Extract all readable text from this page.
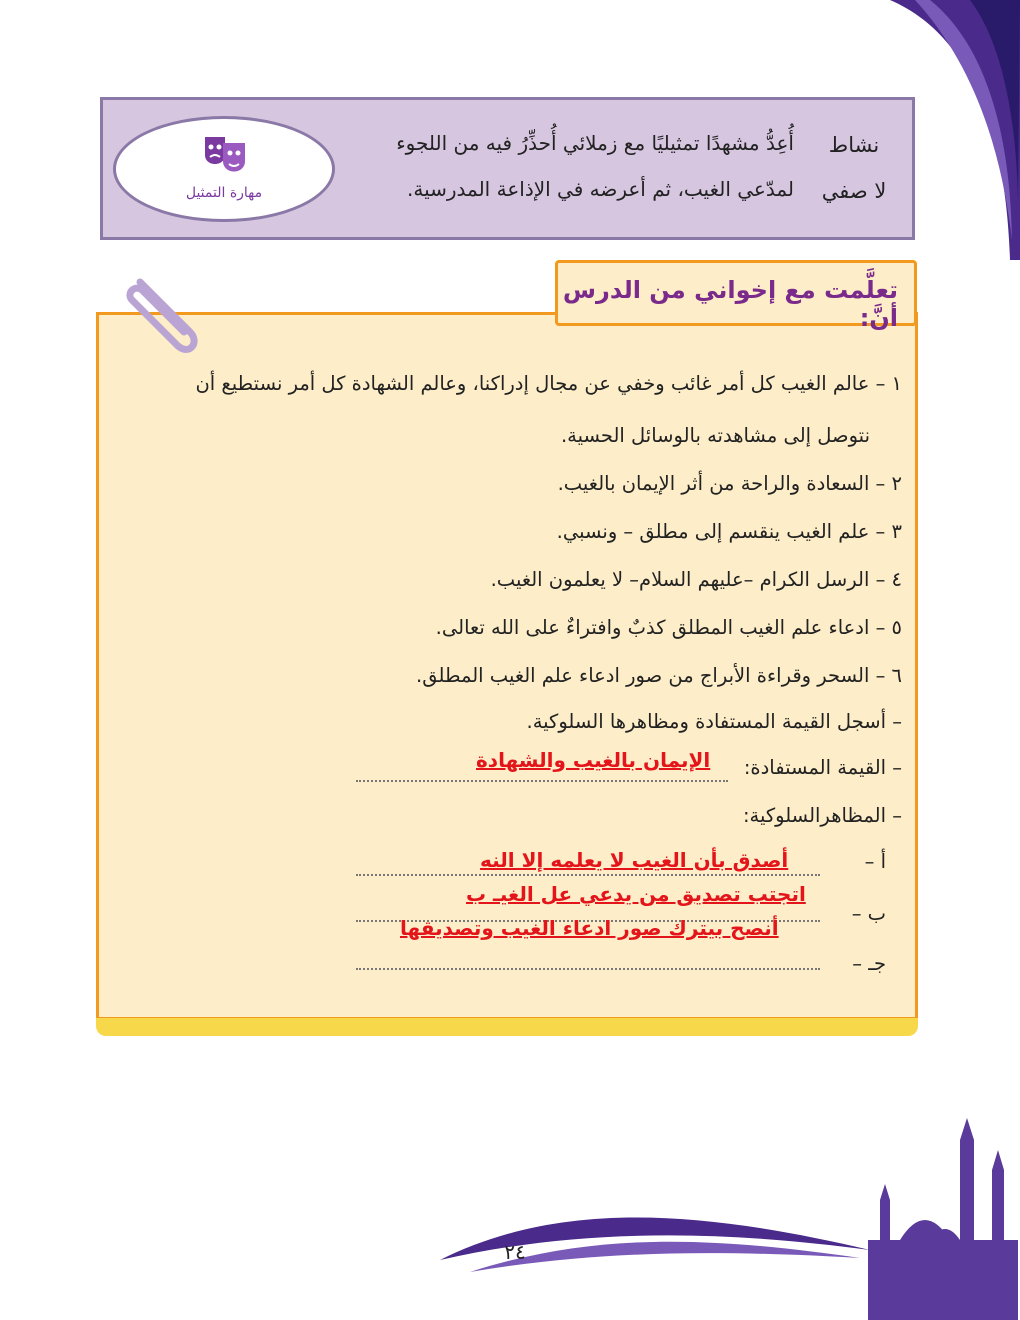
نشاط
لا صفي
أُعِدُّ مشهدًا تمثيليًا مع زملائي أُحذِّرُ فيه من اللجوء
لمدّعي الغيب، ثم أعرضه في الإذاعة المدرسية.
مهارة التمثيل
تعلَّمت مع إخواني من الدرس أنَّ:
١ – عالم الغيب كل أمر غائب وخفي عن مجال إدراكنا، وعالم الشهادة كل أمر نستطيع أن
نتوصل إلى مشاهدته بالوسائل الحسية.
٢ – السعادة والراحة من أثر الإيمان بالغيب.
٣ – علم الغيب ينقسم إلى مطلق – ونسبي.
٤ – الرسل الكرام –عليهم السلام– لا يعلمون الغيب.
٥ – ادعاء علم الغيب المطلق كذبٌ وافتراءٌ على الله تعالى.
٦ – السحر وقراءة الأبراج من صور ادعاء علم الغيب المطلق.
– أسجل القيمة المستفادة ومظاهرها السلوكية.
– القيمة المستفادة:
الإيمان بالغيب والشهادة
– المظاهرالسلوكية:
أ –
أصدق بأن الغيب لا يعلمه إلا النه
اتجتب تصديق من يدعي عل الغيـ ب
ب –
أنصح بيترك صور ادعاء الغيب وتصديقها
جـ –
٢٤
